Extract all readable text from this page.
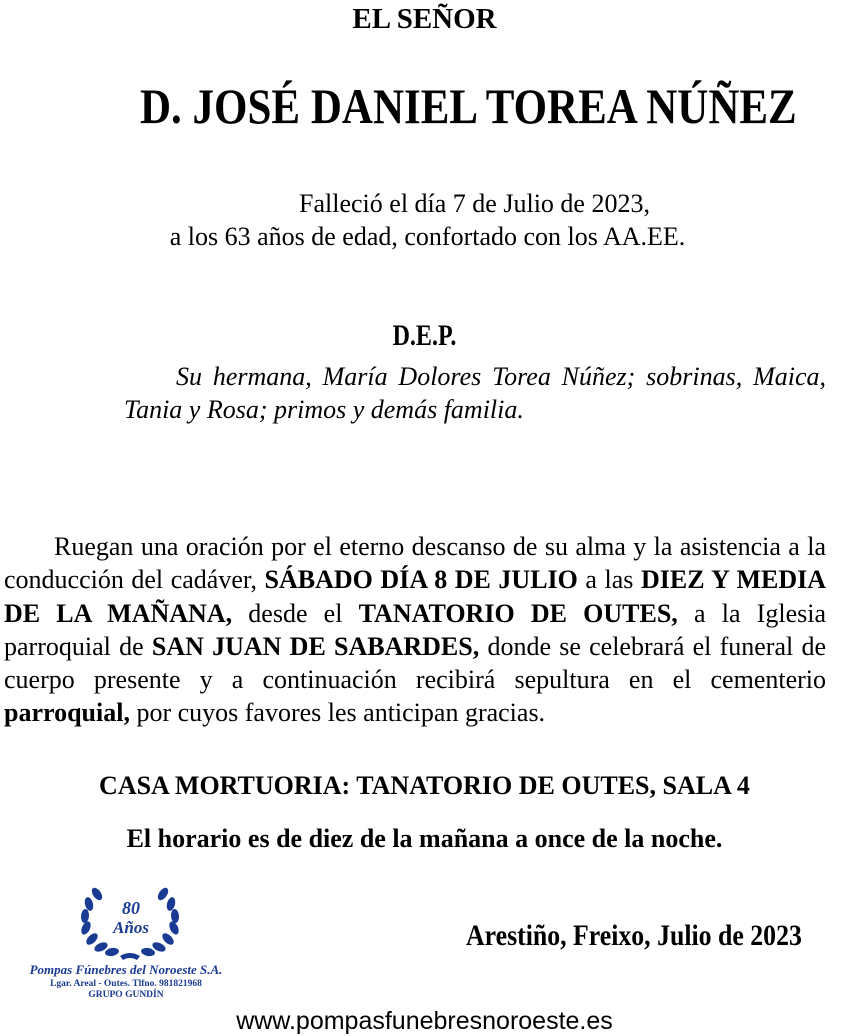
EL SEÑOR
D. JOSÉ DANIEL TOREA NÚÑEZ
Falleció el día 7 de Julio de 2023,
a los 63 años de edad, confortado con los AA.EE.
D.E.P.
Su hermana, María Dolores Torea Núñez; sobrinas, Maica, Tania y Rosa; primos y demás familia.
Ruegan una oración por el eterno descanso de su alma y la asistencia a la conducción del cadáver, SÁBADO DÍA 8 DE JULIO a las DIEZ Y MEDIA DE LA MAÑANA, desde el TANATORIO DE OUTES, a la Iglesia parroquial de SAN JUAN DE SABARDES, donde se celebrará el funeral de cuerpo presente y a continuación recibirá sepultura en el cementerio parroquial, por cuyos favores les anticipan gracias.
CASA MORTUORIA: TANATORIO DE OUTES, SALA 4
El horario es de diez de la mañana a once de la noche.
80
Años
Pompas Fúnebres del Noroeste S.A.
Lgar. Areal - Outes. Tlfno. 981821968
GRUPO GUNDÍN
Arestiño, Freixo, Julio de 2023
www.pompasfunebresnoroeste.es
